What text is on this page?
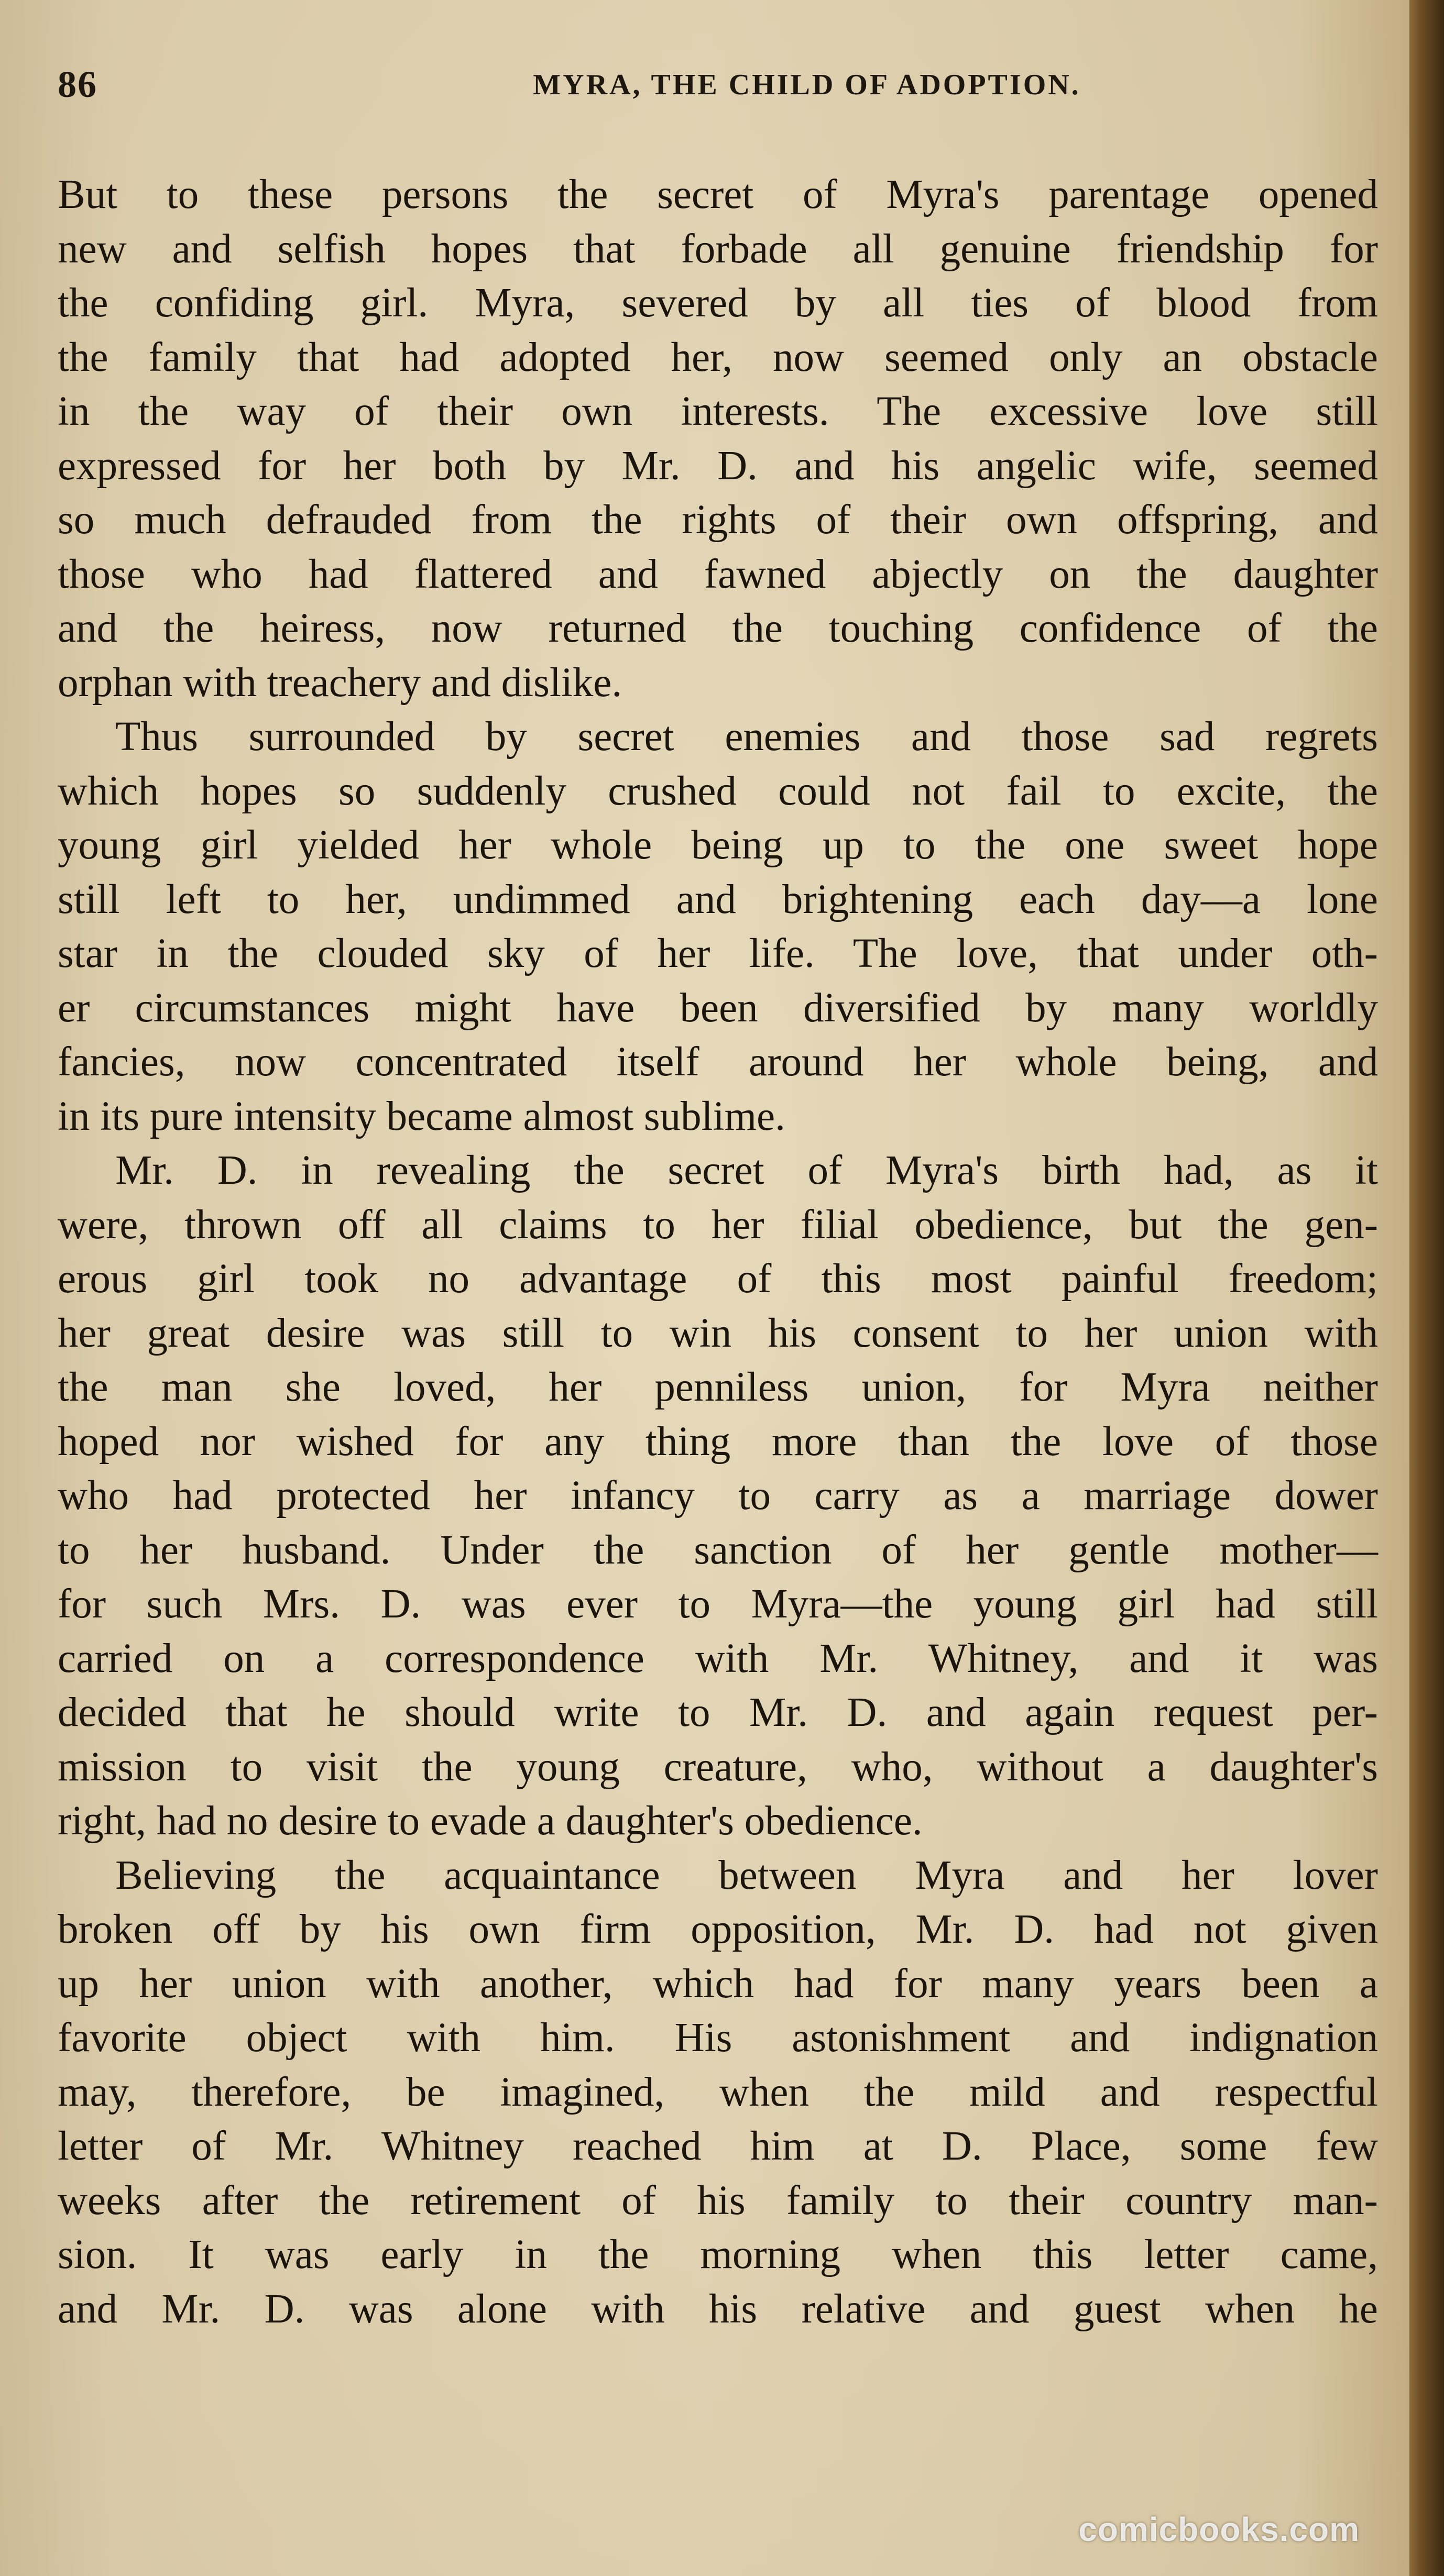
86	MYRA, THE CHILD OF ADOPTION.
But to these persons the secret of Myra's parentage opened
new and selfish hopes that forbade all genuine friendship for
the confiding girl. Myra, severed by all ties of blood from
the family that had adopted her, now seemed only an obstacle
in the way of their own interests. The excessive love still
expressed for her both by Mr. D. and his angelic wife, seemed
so much defrauded from the rights of their own offspring, and
those who had flattered and fawned abjectly on the daughter
and the heiress, now returned the touching confidence of the
orphan with treachery and dislike.
Thus surrounded by secret enemies and those sad regrets
which hopes so suddenly crushed could not fail to excite, the
young girl yielded her whole being up to the one sweet hope
still left to her, undimmed and brightening each day—a lone
star in the clouded sky of her life. The love, that under oth-
er circumstances might have been diversified by many worldly
fancies, now concentrated itself around her whole being, and
in its pure intensity became almost sublime.
Mr. D. in revealing the secret of Myra's birth had, as it
were, thrown off all claims to her filial obedience, but the gen-
erous girl took no advantage of this most painful freedom;
her great desire was still to win his consent to her union with
the man she loved, her penniless union, for Myra neither
hoped nor wished for any thing more than the love of those
who had protected her infancy to carry as a marriage dower
to her husband. Under the sanction of her gentle mother—
for such Mrs. D. was ever to Myra—the young girl had still
carried on a correspondence with Mr. Whitney, and it was
decided that he should write to Mr. D. and again request per-
mission to visit the young creature, who, without a daughter's
right, had no desire to evade a daughter's obedience.
Believing the acquaintance between Myra and her lover
broken off by his own firm opposition, Mr. D. had not given
up her union with another, which had for many years been a
favorite object with him. His astonishment and indignation
may, therefore, be imagined, when the mild and respectful
letter of Mr. Whitney reached him at D. Place, some few
weeks after the retirement of his family to their country man-
sion. It was early in the morning when this letter came,
and Mr. D. was alone with his relative and guest when he
comicbooks.com
